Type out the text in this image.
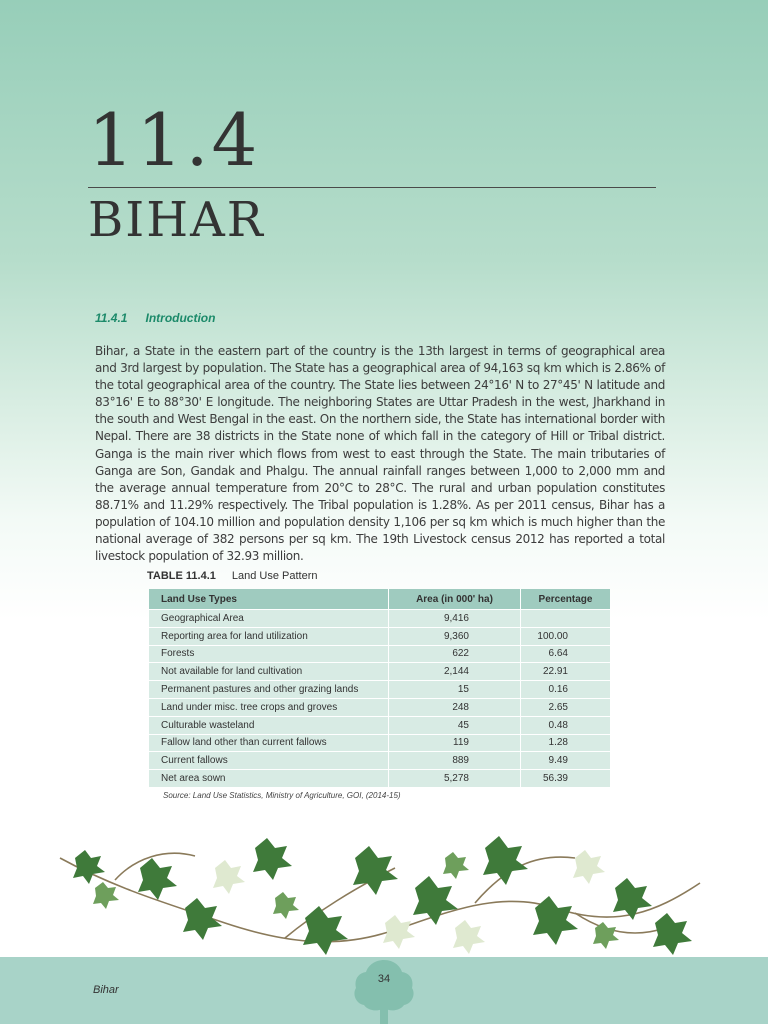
11.4
BIHAR
11.4.1 Introduction

Bihar, a State in the eastern part of the country is the 13th largest in terms of geographical area and 3rd largest by population. The State has a geographical area of 94,163 sq km which is 2.86% of the total geographical area of the country. The State lies between 24°16' N to 27°45' N latitude and 83°16' E to 88°30' E longitude. The neighboring States are Uttar Pradesh in the west, Jharkhand in the south and West Bengal in the east. On the northern side, the State has international border with Nepal. There are 38 districts in the State none of which fall in the category of Hill or Tribal district. Ganga is the main river which flows from west to east through the State. The main tributaries of Ganga are Son, Gandak and Phalgu. The annual rainfall ranges between 1,000 to 2,000 mm and the average annual temperature from 20°C to 28°C. The rural and urban population constitutes 88.71% and 11.29% respectively. The Tribal population is 1.28%. As per 2011 census, Bihar has a population of 104.10 million and population density 1,106 per sq km which is much higher than the national average of 382 persons per sq km. The 19th Livestock census 2012 has reported a total livestock population of 32.93 million.

TABLE 11.4.1 Land Use Pattern
Land Use Types	Area (in 000' ha)	Percentage
Geographical Area	9,416	
Reporting area for land utilization	9,360	100.00
Forests	622	6.64
Not available for land cultivation	2,144	22.91
Permanent pastures and other grazing lands	15	0.16
Land under misc. tree crops and groves	248	2.65
Culturable wasteland	45	0.48
Fallow land other than current fallows	119	1.28
Current fallows	889	9.49
Net area sown	5,278	56.39
Source: Land Use Statistics, Ministry of Agriculture, GOI, (2014-15)
Bihar
34
